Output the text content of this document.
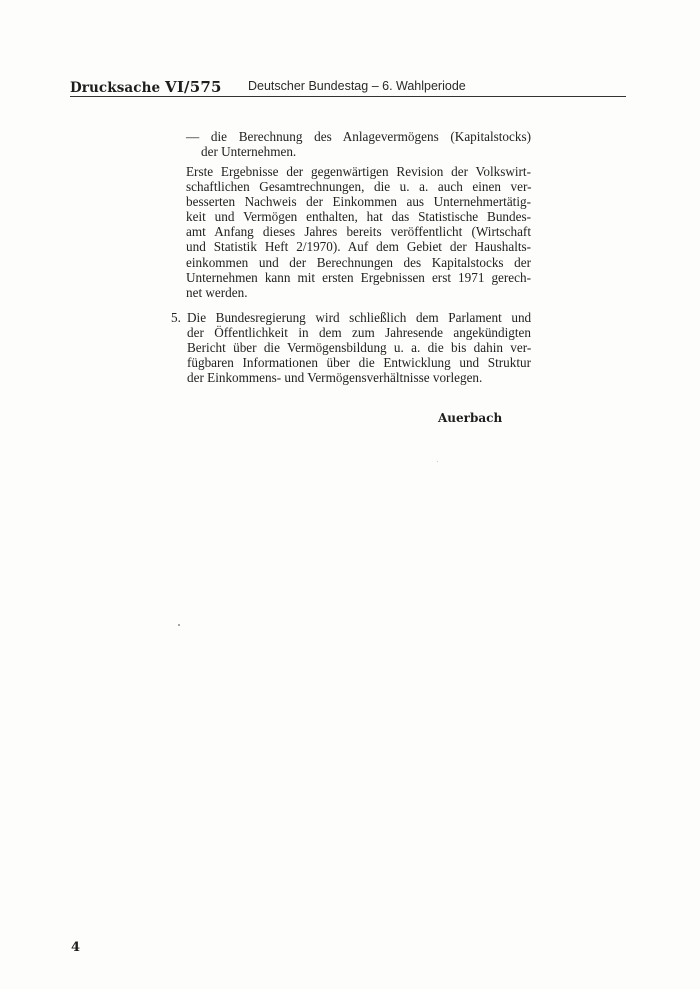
Drucksache VI/575 Deutscher Bundestag – 6. Wahlperiode
— die Berechnung des Anlagevermögens (Kapitalstocks)
der Unternehmen.
Erste Ergebnisse der gegenwärtigen Revision der Volkswirt-
schaftlichen Gesamtrechnungen, die u. a. auch einen ver-
besserten Nachweis der Einkommen aus Unternehmertätig-
keit und Vermögen enthalten, hat das Statistische Bundes-
amt Anfang dieses Jahres bereits veröffentlicht (Wirtschaft
und Statistik Heft 2/1970). Auf dem Gebiet der Haushalts-
einkommen und der Berechnungen des Kapitalstocks der
Unternehmen kann mit ersten Ergebnissen erst 1971 gerech-
net werden.
5. Die Bundesregierung wird schließlich dem Parlament und
der Öffentlichkeit in dem zum Jahresende angekündigten
Bericht über die Vermögensbildung u. a. die bis dahin ver-
fügbaren Informationen über die Entwicklung und Struktur
der Einkommens- und Vermögensverhältnisse vorlegen.
Auerbach
4
